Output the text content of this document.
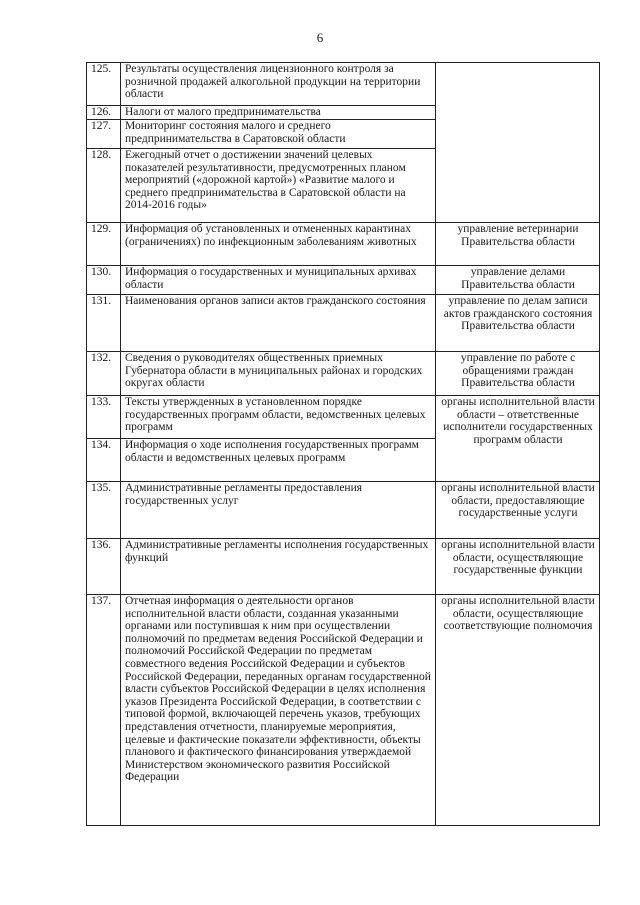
6
125.	Результаты осуществления лицензионного контроля за розничной продажей алкогольной продукции на территории области	
126.	Налоги от малого предпринимательства	
127.	Мониторинг состояния малого и среднего предпринимательства в Саратовской области	
128.	Ежегодный отчет о достижении значений целевых показателей результативности, предусмотренных планом мероприятий («дорожной картой») «Развитие малого и среднего предпринимательства в Саратовской области на 2014-2016 годы»	
129.	Информация об установленных и отмененных карантинах (ограничениях) по инфекционным заболеваниям животных	управление ветеринарии Правительства области
130.	Информация о государственных и муниципальных архивах области	управление делами Правительства области
131.	Наименования органов записи актов гражданского состояния	управление по делам записи актов гражданского состояния Правительства области
132.	Сведения о руководителях общественных приемных Губернатора области в муниципальных районах и городских округах области	управление по работе с обращениями граждан Правительства области
133.	Тексты утвержденных в установленном порядке государственных программ области, ведомственных целевых программ	органы исполнительной власти области – ответственные исполнители государственных программ области
134.	Информация о ходе исполнения государственных программ области и ведомственных целевых программ	
135.	Административные регламенты предоставления государственных услуг	органы исполнительной власти области, предоставляющие государственные услуги
136.	Административные регламенты исполнения государственных функций	органы исполнительной власти области, осуществляющие государственные функции
137.	Отчетная информация о деятельности органов исполнительной власти области, созданная указанными органами или поступившая к ним при осуществлении полномочий по предметам ведения Российской Федерации и полномочий Российской Федерации по предметам совместного ведения Российской Федерации и субъектов Российской Федерации, переданных органам государственной власти субъектов Российской Федерации в целях исполнения указов Президента Российской Федерации, в соответствии с типовой формой, включающей перечень указов, требующих представления отчетности, планируемые мероприятия, целевые и фактические показатели эффективности, объекты планового и фактического финансирования утверждаемой Министерством экономического развития Российской Федерации	органы исполнительной власти области, осуществляющие соответствующие полномочия
